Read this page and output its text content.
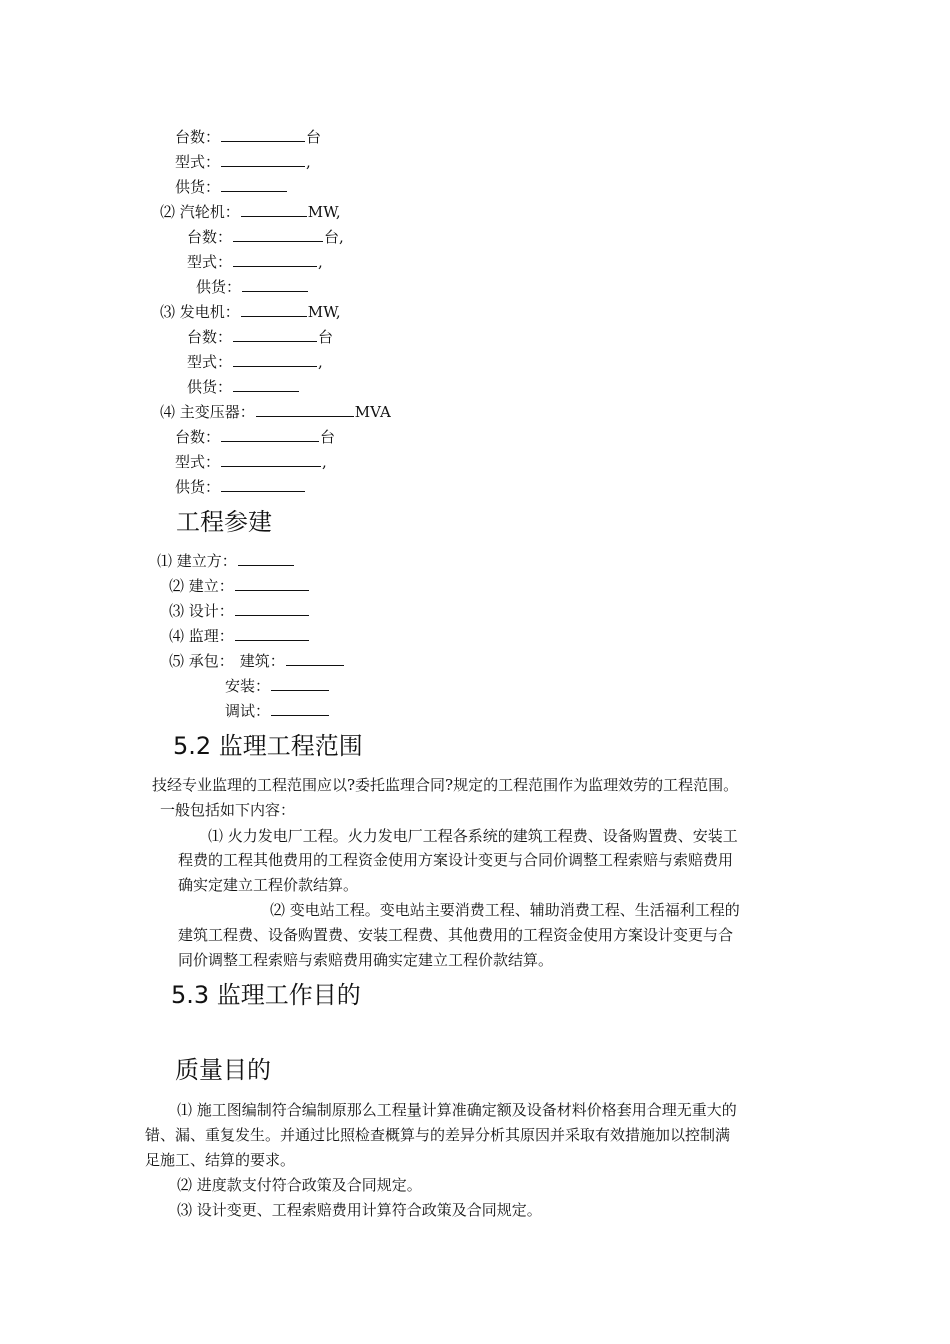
台数：	台
型式：	,
供货：
⑵ 汽轮机：	MW,
台数：	台,
型式：	,
供货：
⑶ 发电机：	MW,
台数：	台
型式：	,
供货：
⑷ 主变压器：	MVA
台数：	台
型式：	,
供货：
工程参建
⑴ 建立方：
⑵ 建立：
⑶ 设计：
⑷ 监理：
⑸ 承包： 建筑：
安装：
调试：
5.2 监理工程范围
技经专业监理的工程范围应以?委托监理合同?规定的工程范围作为监理效劳的工程范围。
一般包括如下内容：
⑴ 火力发电厂工程。火力发电厂工程各系统的建筑工程费、设备购置费、安装工
程费的工程其他费用的工程资金使用方案设计变更与合同价调整工程索赔与索赔费用
确实定建立工程价款结算。
⑵ 变电站工程。变电站主要消费工程、辅助消费工程、生活福利工程的
建筑工程费、设备购置费、安装工程费、其他费用的工程资金使用方案设计变更与合
同价调整工程索赔与索赔费用确实定建立工程价款结算。
5.3 监理工作目的
质量目的
⑴ 施工图编制符合编制原那么工程量计算准确定额及设备材料价格套用合理无重大的
错、漏、重复发生。并通过比照检查概算与的差异分析其原因并采取有效措施加以控制满
足施工、结算的要求。
⑵ 进度款支付符合政策及合同规定。
⑶ 设计变更、工程索赔费用计算符合政策及合同规定。
